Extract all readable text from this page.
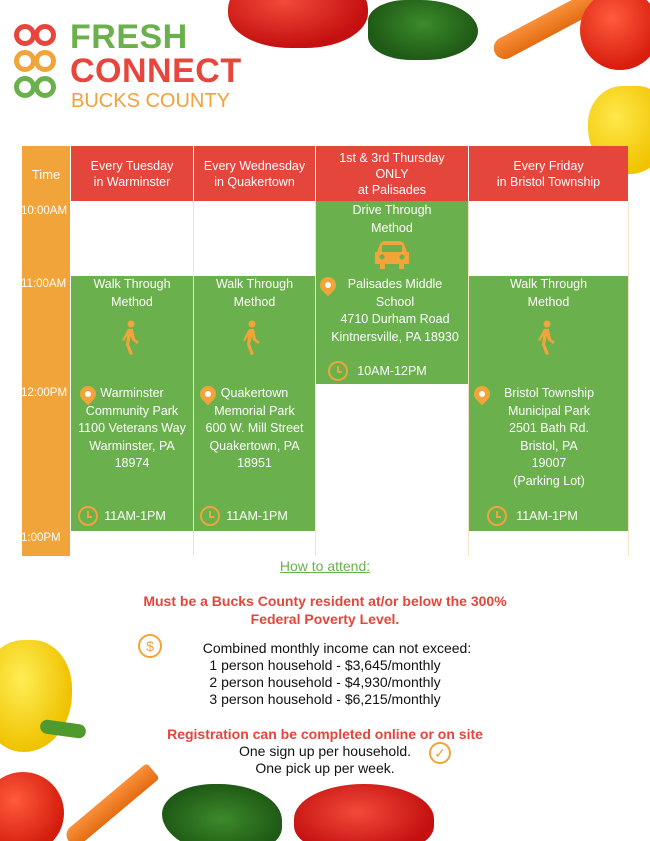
FRESH
CONNECT
BUCKS COUNTY
Time
10:00AM
11:00AM
12:00PM
1:00PM
Every Tuesday
in Warminster
Every Wednesday
in Quakertown
1st & 3rd Thursday
ONLY
at Palisades
Every Friday
in Bristol Township
Walk Through
Method
Warminster
Community Park
1100 Veterans Way
Warminster, PA
18974
11AM-1PM
Walk Through
Method
Quakertown
Memorial Park
600 W. Mill Street
Quakertown, PA
18951
11AM-1PM
Drive Through
Method
Palisades Middle
School
4710 Durham Road
Kintnersville, PA 18930
10AM-12PM
Walk Through
Method
Bristol Township
Municipal Park
2501 Bath Rd.
Bristol, PA
19007
(Parking Lot)
11AM-1PM
How to attend:
Must be a Bucks County resident at/or below the 300%
Federal Poverty Level.
$	Combined monthly income can not exceed:
1 person household - $3,645/monthly
2 person household - $4,930/monthly
3 person household - $6,215/monthly
Registration can be completed online or on site
One sign up per household.
One pick up per week.
✓
